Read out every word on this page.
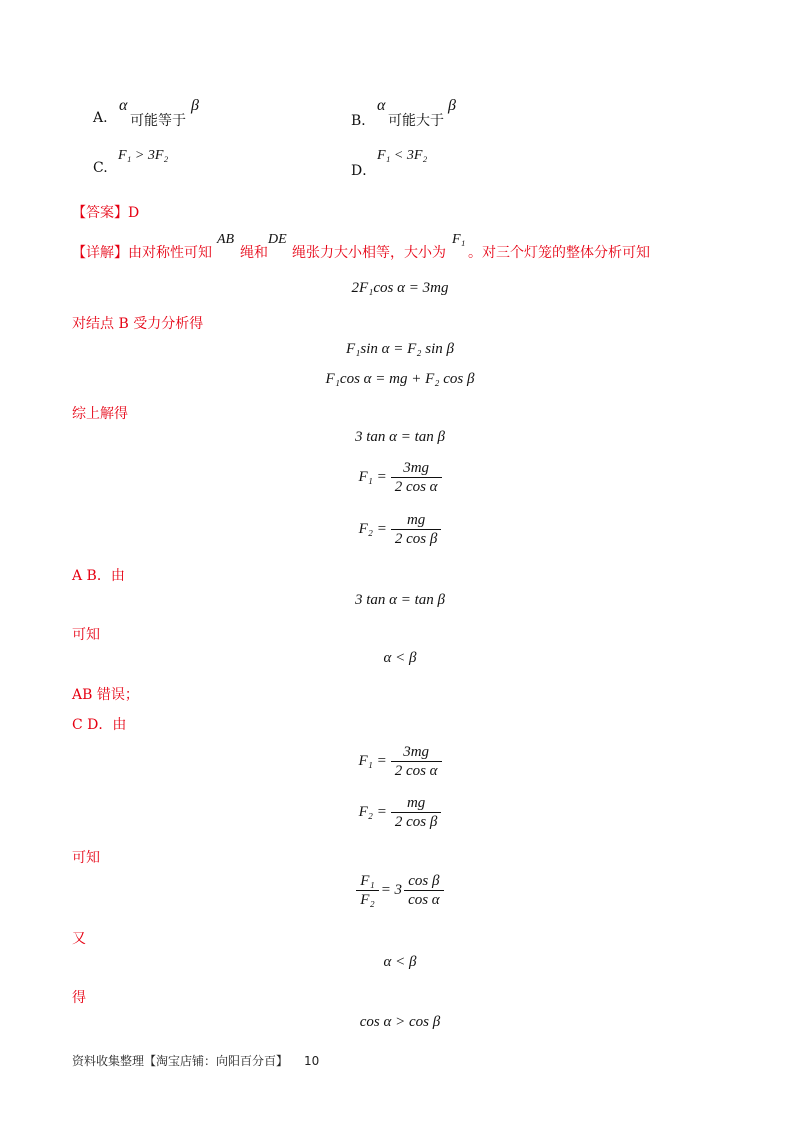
A.
α
可能等于
β
B．
α
可能大于
β
C.
F₁ > 3F₂
D．
F₁ < 3F₂
【答案】D
【详解】由对称性可知
AB
绳和
DE
绳张力大小相等，大小为
F₁
。对三个灯笼的整体分析可知
2F₁cos α = 3mg
对结点 B 受力分析得
F₁sin α = F₂ sin β
F₁cos α = mg + F₂ cos β
综上解得
3 tan α = tan β
$F_1 = \frac{3mg}{\text{2 cos α}}$
$F_2 = \frac{mg}{\text{2 cos β}}$
A B．由
3 tan α = tan β
可知
α < β
AB 错误；
C D．由
$F_1 = \frac{3mg}{\text{2 cos α}}$
$F_2 = \frac{mg}{\text{2 cos β}}$
可知
$\frac{\text{F₁}}{\text{F₂}} = 3 \frac{\text{cos β}}{\text{cos α}}$
又
α < β
得
cos α > cos β
资料收集整理【淘宝店铺：向阳百分百】 10
